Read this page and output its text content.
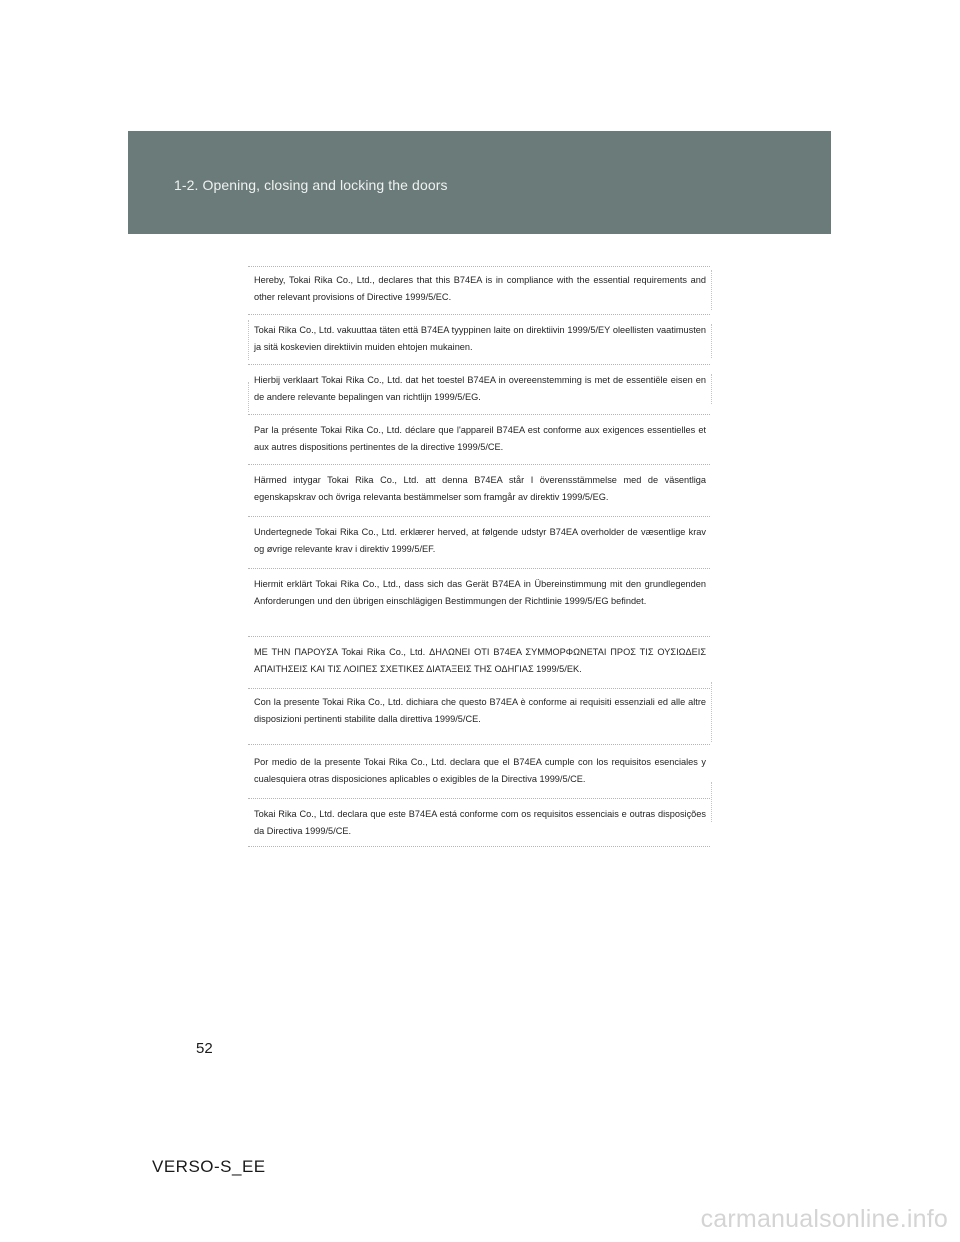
1-2. Opening, closing and locking the doors
Hereby, Tokai Rika Co., Ltd., declares that this B74EA is in compliance with the essential requirements and other relevant provisions of Directive 1999/5/EC.
Tokai Rika Co., Ltd. vakuuttaa täten että B74EA tyyppinen laite on direktiivin 1999/5/EY oleellisten vaatimusten ja sitä koskevien direktiivin muiden ehtojen mukainen.
Hierbij verklaart Tokai Rika Co., Ltd. dat het toestel B74EA in overeenstemming is met de essentiële eisen en de andere relevante bepalingen van richtlijn 1999/5/EG.
Par la présente Tokai Rika Co., Ltd. déclare que l'appareil B74EA est conforme aux exigences essentielles et aux autres dispositions pertinentes de la directive 1999/5/CE.
Härmed intygar Tokai Rika Co., Ltd. att denna B74EA står I överensstämmelse med de väsentliga egenskapskrav och övriga relevanta bestämmelser som framgår av direktiv 1999/5/EG.
Undertegnede Tokai Rika Co., Ltd. erklærer herved, at følgende udstyr B74EA overholder de væsentlige krav og øvrige relevante krav i direktiv 1999/5/EF.
Hiermit erklärt Tokai Rika Co., Ltd., dass sich das Gerät B74EA in Übereinstimmung mit den grundlegenden Anforderungen und den übrigen einschlägigen Bestimmungen der Richtlinie 1999/5/EG befindet.
ΜΕ ΤΗΝ ΠΑΡΟΥΣΑ Tokai Rika Co., Ltd. ΔΗΛΩΝΕΙ ΟΤΙ B74EA ΣΥΜΜΟΡΦΩΝΕΤΑΙ ΠΡΟΣ ΤΙΣ ΟΥΣΙΩΔΕΙΣ ΑΠΑΙΤΗΣΕΙΣ ΚΑΙ ΤΙΣ ΛΟΙΠΕΣ ΣΧΕΤΙΚΕΣ ΔΙΑΤΑΞΕΙΣ ΤΗΣ ΟΔΗΓΙΑΣ 1999/5/ΕΚ.
Con la presente Tokai Rika Co., Ltd. dichiara che questo B74EA è conforme ai requisiti essenziali ed alle altre disposizioni pertinenti stabilite dalla direttiva 1999/5/CE.
Por medio de la presente Tokai Rika Co., Ltd. declara que el B74EA cumple con los requisitos esenciales y cualesquiera otras disposiciones aplicables o exigibles de la Directiva 1999/5/CE.
Tokai Rika Co., Ltd. declara que este B74EA está conforme com os requisitos essenciais e outras disposições da Directiva 1999/5/CE.
52
VERSO-S_EE
carmanualsonline.info
